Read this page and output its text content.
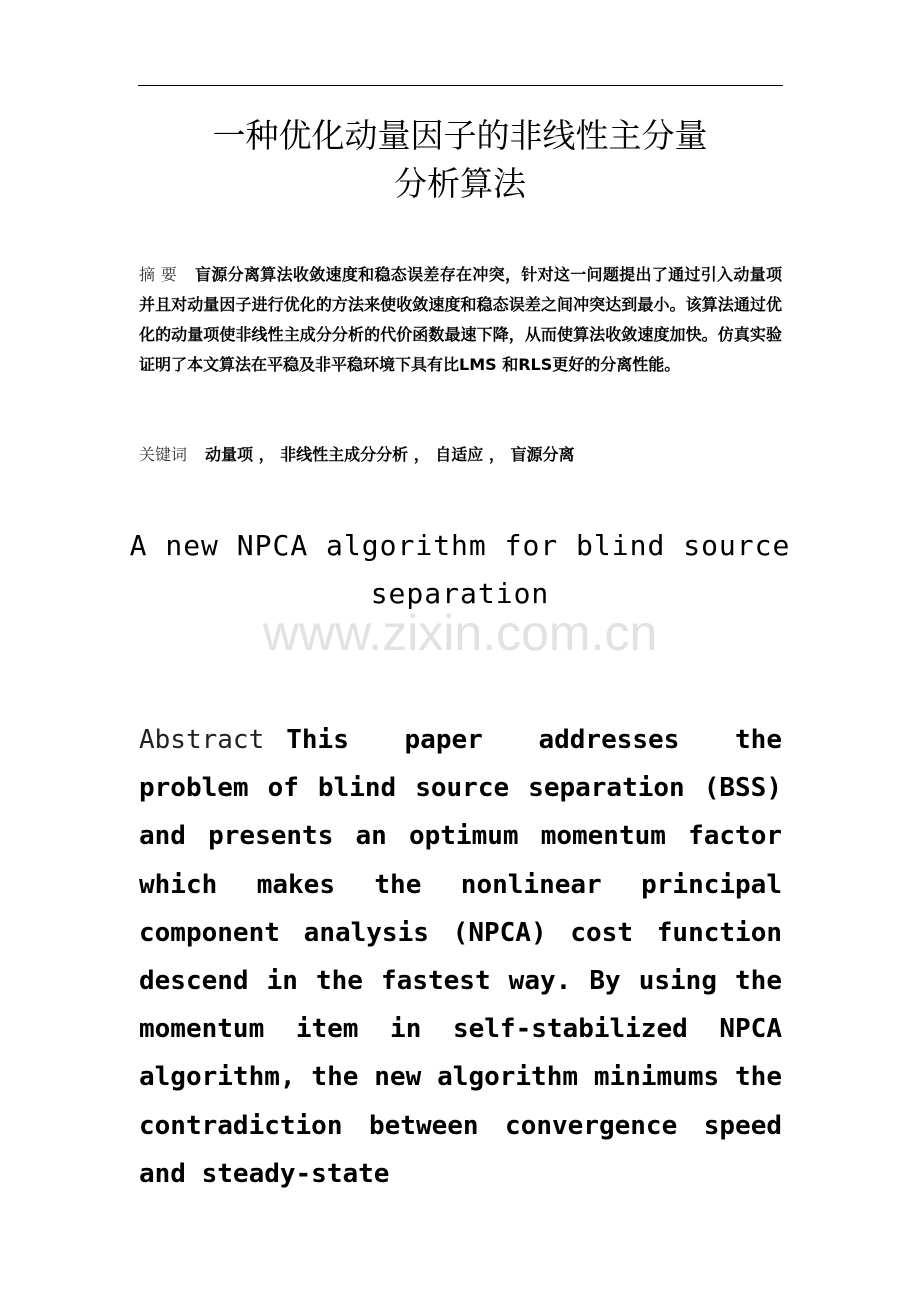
一种优化动量因子的非线性主分量
分析算法
摘 要 盲源分离算法收敛速度和稳态误差存在冲突，针对这一问题提出了通过引入动量项并且对动量因子进行优化的方法来使收敛速度和稳态误差之间冲突达到最小。该算法通过优化的动量项使非线性主成分分析的代价函数最速下降，从而使算法收敛速度加快。仿真实验证明了本文算法在平稳及非平稳环境下具有比LMS 和RLS更好的分离性能。
关键词 动量项 ， 非线性主成分分析 ， 自适应 ， 盲源分离
A new NPCA algorithm for blind source
separation
www.zixin.com.cn
Abstract This paper addresses the problem of blind source separation (BSS) and presents an optimum momentum factor which makes the nonlinear principal component analysis (NPCA) cost function descend in the fastest way. By using the momentum item in self-stabilized NPCA algorithm, the new algorithm minimums the contradiction between convergence speed and steady-state
